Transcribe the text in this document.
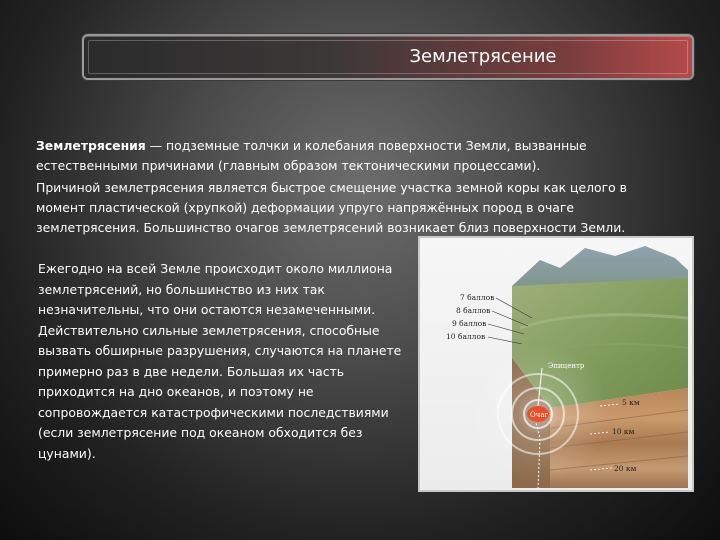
Землетрясение
Землетрясения — подземные толчки и колебания поверхности Земли, вызванные естественными причинами (главным образом тектоническими процессами).
Причиной землетрясения является быстрое смещение участка земной коры как целого в момент пластической (хрупкой) деформации упруго напряжённых пород в очаге землетрясения. Большинство очагов землетрясений возникает близ поверхности Земли.
Ежегодно на всей Земле происходит около миллиона землетрясений, но большинство из них так незначительны, что они остаются незамеченными. Действительно сильные землетрясения, способные вызвать обширные разрушения, случаются на планете примерно раз в две недели. Большая их часть приходится на дно океанов, и поэтому не сопровождается катастрофическими последствиями (если землетрясение под океаном обходится без цунами).
Очаг
Эпицентр
7 баллов
8 баллов
9 баллов
10 баллов
5 км
10 км
20 км
